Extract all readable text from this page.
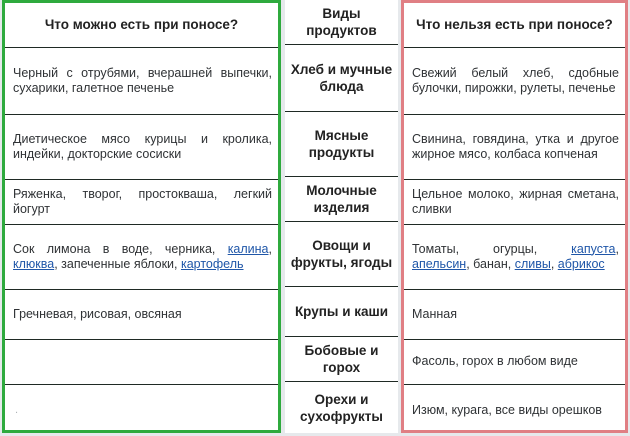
Что можно есть при поносе?
Черный с отрубями, вчерашней выпечки, сухарики, галетное печенье
Диетическое мясо курицы и кролика, индейки, докторские сосиски
Ряженка, творог, простокваша, легкий йогурт
Сок лимона в воде, черника, калина, клюква, запеченные яблоки, картофель
Гречневая, рисовая, овсяная
.
Виды продуктов
Хлеб и мучные блюда
Мясные продукты
Молочные изделия
Овощи и фрукты, ягоды
Крупы и каши
Бобовые и горох
Орехи и сухофрукты
Что нельзя есть при поносе?
Свежий белый хлеб, сдобные булочки, пирожки, рулеты, печенье
Свинина, говядина, утка и другое жирное мясо, колбаса копченая
Цельное молоко, жирная сметана, сливки
Томаты, огурцы, капуста, апельсин, банан, сливы, абрикос
Манная
Фасоль, горох в любом виде
Изюм, курага, все виды орешков
